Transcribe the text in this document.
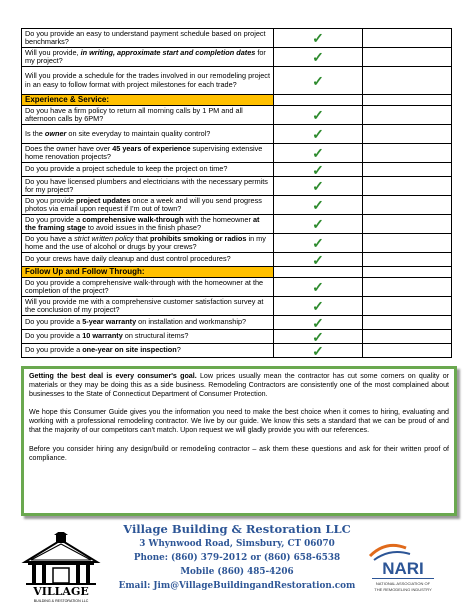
Do you provide an easy to understand payment schedule based on project benchmarks?	✓	
Will you provide, in writing, approximate start and completion dates for my project?	✓	
Will you provide a schedule for the trades involved in our remodeling project in an easy to follow format with project milestones for each trade?	✓	
Experience & Service:		
Do you have a firm policy to return all morning calls by 1 PM and all afternoon calls by 6PM?	✓	
Is the owner on site everyday to maintain quality control?	✓	
Does the owner have over 45 years of experience supervising extensive home renovation projects?	✓	
Do you provide a project schedule to keep the project on time?	✓	
Do you have licensed plumbers and electricians with the necessary permits for my project?	✓	
Do you provide project updates once a week and will you send progress photos via email upon request if I'm out of town?	✓	
Do you provide a comprehensive walk-through with the homeowner at the framing stage to avoid issues in the finish phase?	✓	
Do you have a strict written policy that prohibits smoking or radios in my home and the use of alcohol or drugs by your crews?	✓	
Do your crews have daily cleanup and dust control procedures?	✓	
Follow Up and Follow Through:		
Do you provide a comprehensive walk-through with the homeowner at the completion of the project?	✓	
Will you provide me with a comprehensive customer satisfaction survey at the conclusion of my project?	✓	
Do you provide a 5-year warranty on installation and workmanship?	✓	
Do you provide a 10 warranty on structural items?	✓	
Do you provide a one-year on site inspection?	✓	

Getting the best deal is every consumer's goal. Low prices usually mean the contractor has cut some corners on quality or materials or they may be doing this as a side business. Remodeling Contractors are consistently one of the most complained about businesses to the State of Connecticut Department of Consumer Protection.

We hope this Consumer Guide gives you the information you need to make the best choice when it comes to hiring, evaluating and working with a professional remodeling contractor. We live by our guide. We know this sets a standard that we can be proud of and that the majority of our competitors can't match. Upon request we will gladly provide you with our references.

Before you consider hiring any design/build or remodeling contractor – ask them these questions and ask for their written proof of compliance.

VILLAGE
BUILDING & RESTORATION LLC
Village Building & Restoration LLC
3 Whynwood Road, Simsbury, CT 06070
Phone: (860) 379-2012 or (860) 658-6538
Mobile (860) 485-4206
Email: Jim@VillageBuildingandRestoration.com
NARI
NATIONAL ASSOCIATION OF
THE REMODELING INDUSTRY
